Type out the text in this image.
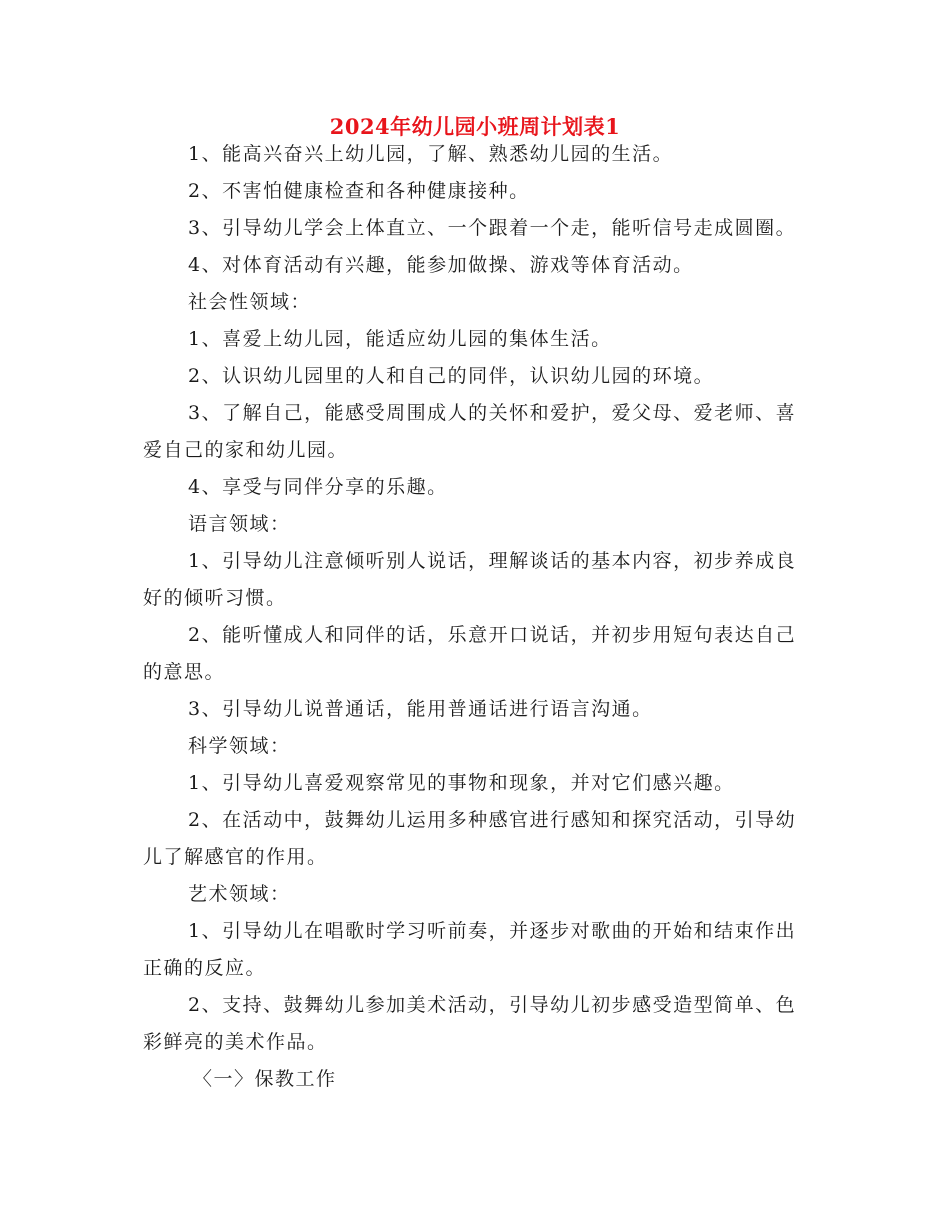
2024年幼儿园小班周计划表1

1、能高兴奋兴上幼儿园，了解、熟悉幼儿园的生活。

2、不害怕健康检查和各种健康接种。

3、引导幼儿学会上体直立、一个跟着一个走，能听信号走成圆圈。

4、对体育活动有兴趣，能参加做操、游戏等体育活动。

社会性领域：

1、喜爱上幼儿园，能适应幼儿园的集体生活。

2、认识幼儿园里的人和自己的同伴，认识幼儿园的环境。

3、了解自己，能感受周围成人的关怀和爱护，爱父母、爱老师、喜爱自己的家和幼儿园。

4、享受与同伴分享的乐趣。

语言领域：

1、引导幼儿注意倾听别人说话，理解谈话的基本内容，初步养成良好的倾听习惯。

2、能听懂成人和同伴的话，乐意开口说话，并初步用短句表达自己的意思。

3、引导幼儿说普通话，能用普通话进行语言沟通。

科学领域：

1、引导幼儿喜爱观察常见的事物和现象，并对它们感兴趣。

2、在活动中，鼓舞幼儿运用多种感官进行感知和探究活动，引导幼儿了解感官的作用。

艺术领域：

1、引导幼儿在唱歌时学习听前奏，并逐步对歌曲的开始和结束作出正确的反应。

2、支持、鼓舞幼儿参加美术活动，引导幼儿初步感受造型简单、色彩鲜亮的美术作品。

〈一〉保教工作
